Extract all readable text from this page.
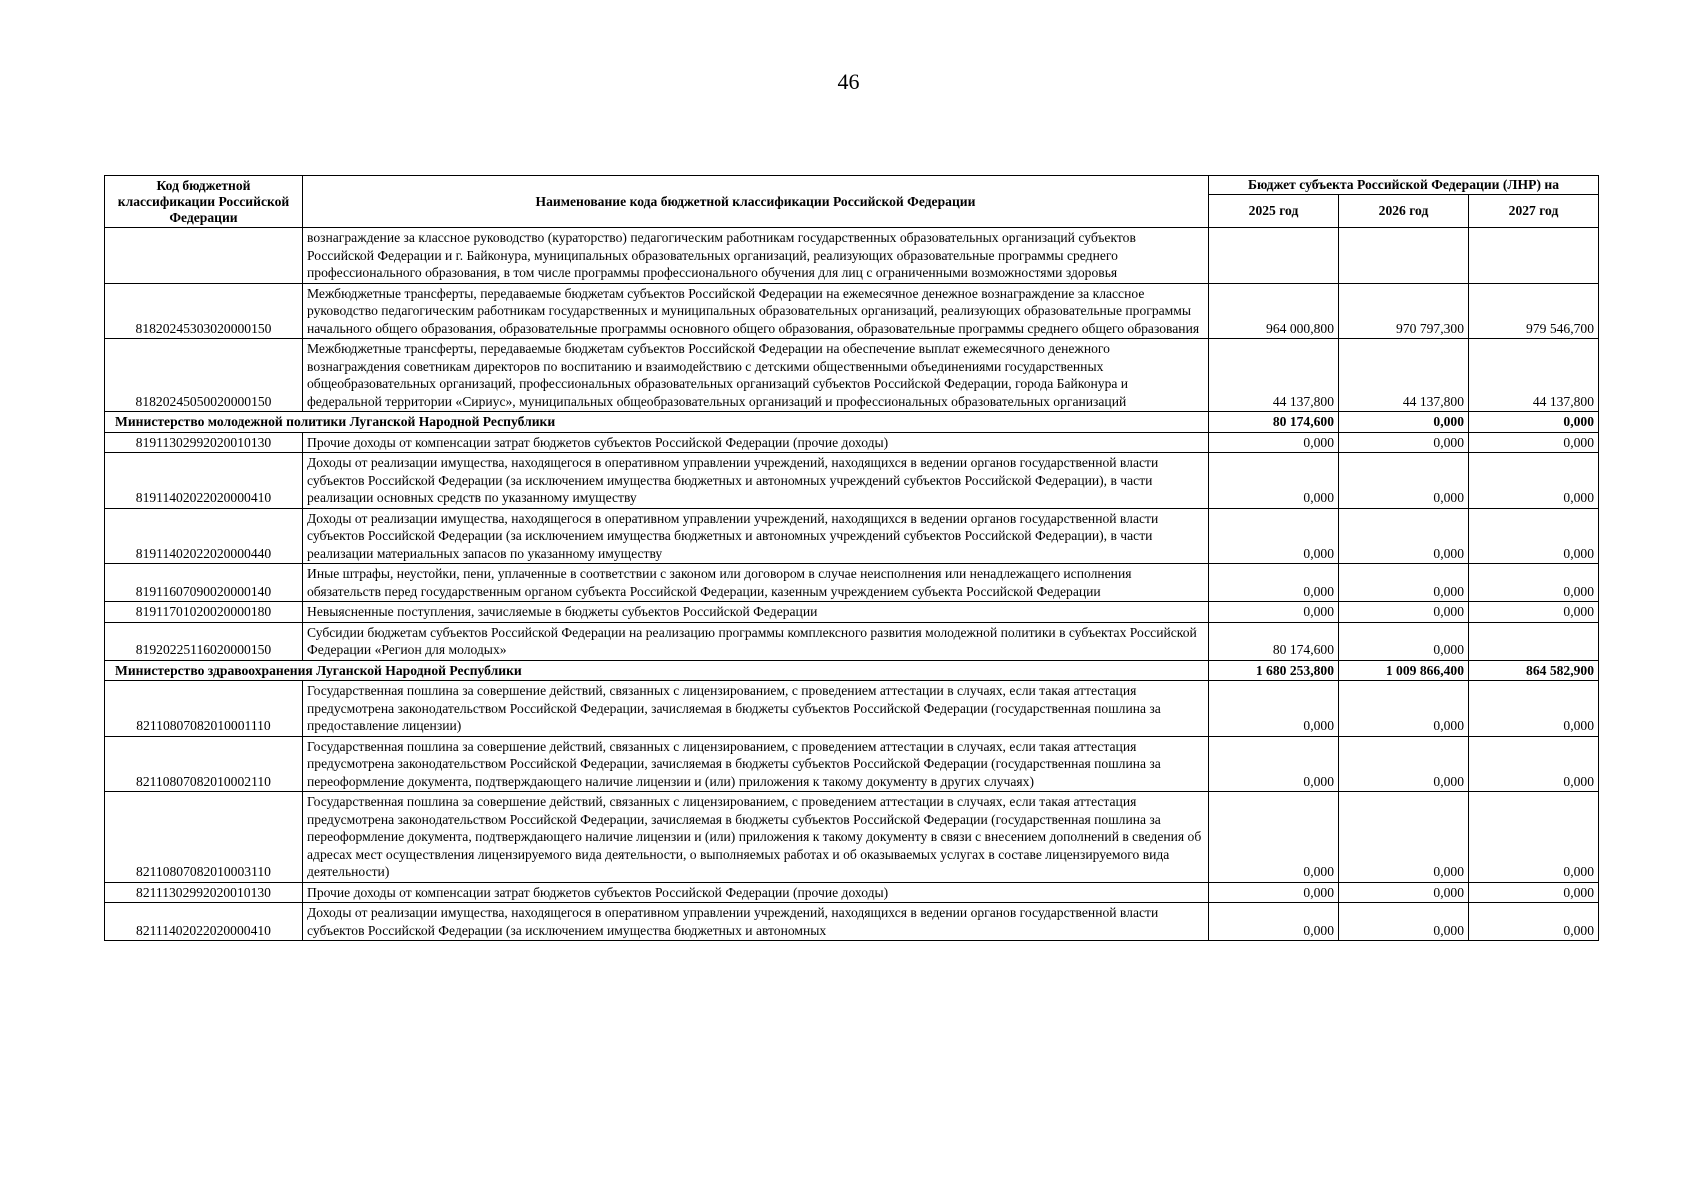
46
Код бюджетной классификации Российской Федерации	Наименование кода бюджетной классификации Российской Федерации	Бюджет субъекта Российской Федерации (ЛНР) на		
		2025 год	2026 год	2027 год
	вознаграждение за классное руководство (кураторство) педагогическим работникам государственных образовательных организаций субъектов Российской Федерации и г. Байконура, муниципальных образовательных организаций, реализующих образовательные программы среднего профессионального образования, в том числе программы профессионального обучения для лиц с ограниченными возможностями здоровья			
81820245303020000150	Межбюджетные трансферты, передаваемые бюджетам субъектов Российской Федерации на ежемесячное денежное вознаграждение за классное руководство педагогическим работникам государственных и муниципальных образовательных организаций, реализующих образовательные программы начального общего образования, образовательные программы основного общего образования, образовательные программы среднего общего образования	964 000,800	970 797,300	979 546,700
81820245050020000150	Межбюджетные трансферты, передаваемые бюджетам субъектов Российской Федерации на обеспечение выплат ежемесячного денежного вознаграждения советникам директоров по воспитанию и взаимодействию с детскими общественными объединениями государственных общеобразовательных организаций, профессиональных образовательных организаций субъектов Российской Федерации, города Байконура и федеральной территории «Сириус», муниципальных общеобразовательных организаций и профессиональных образовательных организаций	44 137,800	44 137,800	44 137,800
Министерство молодежной политики Луганской Народной Республики		80 174,600	0,000	0,000
81911302992020010130	Прочие доходы от компенсации затрат бюджетов субъектов Российской Федерации (прочие доходы)	0,000	0,000	0,000
81911402022020000410	Доходы от реализации имущества, находящегося в оперативном управлении учреждений, находящихся в ведении органов государственной власти субъектов Российской Федерации (за исключением имущества бюджетных и автономных учреждений субъектов Российской Федерации), в части реализации основных средств по указанному имуществу	0,000	0,000	0,000
81911402022020000440	Доходы от реализации имущества, находящегося в оперативном управлении учреждений, находящихся в ведении органов государственной власти субъектов Российской Федерации (за исключением имущества бюджетных и автономных учреждений субъектов Российской Федерации), в части реализации материальных запасов по указанному имуществу	0,000	0,000	0,000
81911607090020000140	Иные штрафы, неустойки, пени, уплаченные в соответствии с законом или договором в случае неисполнения или ненадлежащего исполнения обязательств перед государственным органом субъекта Российской Федерации, казенным учреждением субъекта Российской Федерации	0,000	0,000	0,000
81911701020020000180	Невыясненные поступления, зачисляемые в бюджеты субъектов Российской Федерации	0,000	0,000	0,000
81920225116020000150	Субсидии бюджетам субъектов Российской Федерации на реализацию программы комплексного развития молодежной политики в субъектах Российской Федерации «Регион для молодых»	80 174,600	0,000	
Министерство здравоохранения Луганской Народной Республики		1 680 253,800	1 009 866,400	864 582,900
82110807082010001110	Государственная пошлина за совершение действий, связанных с лицензированием, с проведением аттестации в случаях, если такая аттестация предусмотрена законодательством Российской Федерации, зачисляемая в бюджеты субъектов Российской Федерации (государственная пошлина за предоставление лицензии)	0,000	0,000	0,000
82110807082010002110	Государственная пошлина за совершение действий, связанных с лицензированием, с проведением аттестации в случаях, если такая аттестация предусмотрена законодательством Российской Федерации, зачисляемая в бюджеты субъектов Российской Федерации (государственная пошлина за переоформление документа, подтверждающего наличие лицензии и (или) приложения к такому документу в других случаях)	0,000	0,000	0,000
82110807082010003110	Государственная пошлина за совершение действий, связанных с лицензированием, с проведением аттестации в случаях, если такая аттестация предусмотрена законодательством Российской Федерации, зачисляемая в бюджеты субъектов Российской Федерации (государственная пошлина за переоформление документа, подтверждающего наличие лицензии и (или) приложения к такому документу в связи с внесением дополнений в сведения об адресах мест осуществления лицензируемого вида деятельности, о выполняемых работах и об оказываемых услугах в составе лицензируемого вида деятельности)	0,000	0,000	0,000
82111302992020010130	Прочие доходы от компенсации затрат бюджетов субъектов Российской Федерации (прочие доходы)	0,000	0,000	0,000
82111402022020000410	Доходы от реализации имущества, находящегося в оперативном управлении учреждений, находящихся в ведении органов государственной власти субъектов Российской Федерации (за исключением имущества бюджетных и автономных	0,000	0,000	0,000
